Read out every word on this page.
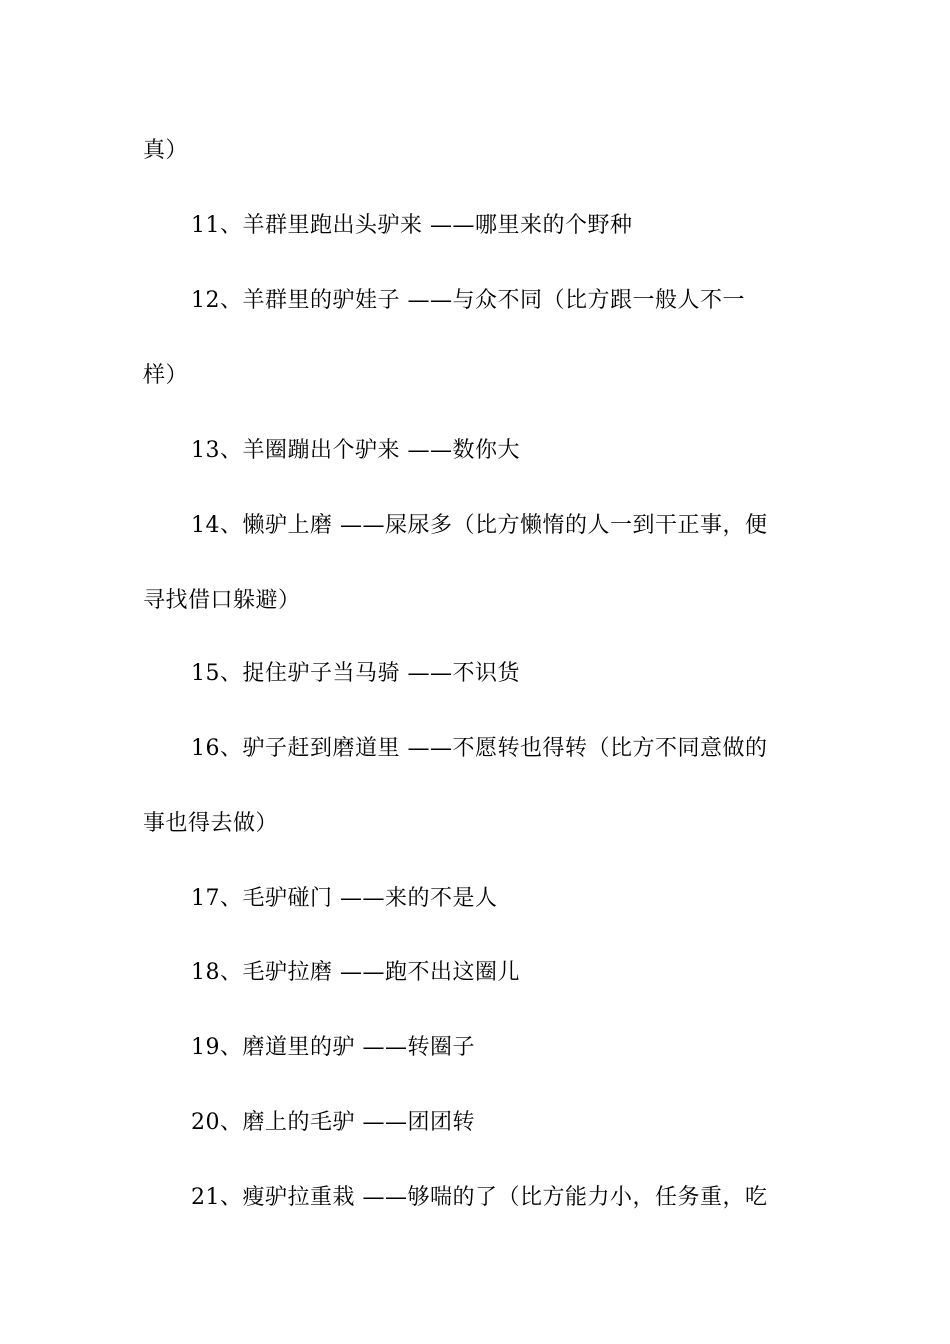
真）
11、羊群里跑出头驴来 ——哪里来的个野种
12、羊群里的驴娃子 ——与众不同（比方跟一般人不一
样）
13、羊圈蹦出个驴来 ——数你大
14、懒驴上磨 ——屎尿多（比方懒惰的人一到干正事，便
寻找借口躲避）
15、捉住驴子当马骑 ——不识货
16、驴子赶到磨道里 ——不愿转也得转（比方不同意做的
事也得去做）
17、毛驴碰门 ——来的不是人
18、毛驴拉磨 ——跑不出这圈儿
19、磨道里的驴 ——转圈子
20、磨上的毛驴 ——团团转
21、瘦驴拉重栽 ——够喘的了（比方能力小，任务重，吃
